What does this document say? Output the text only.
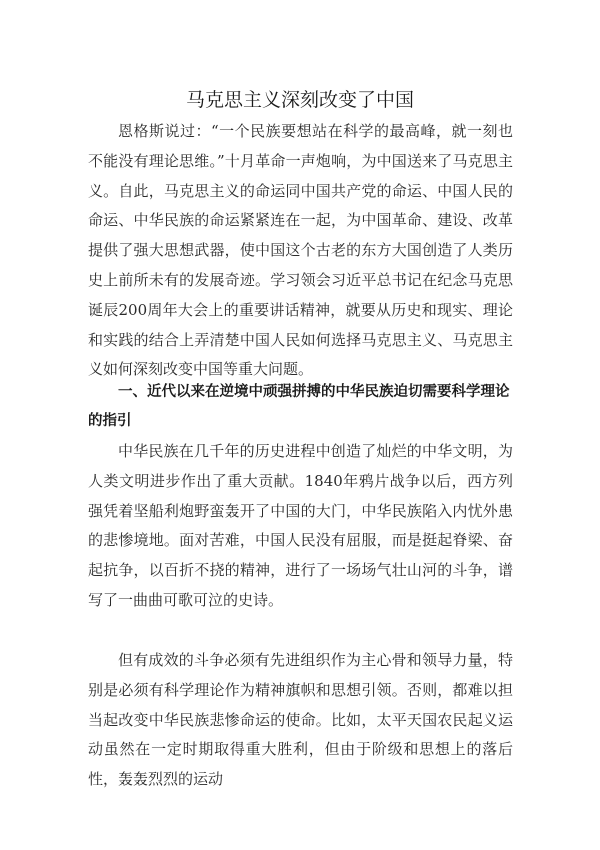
马克思主义深刻改变了中国

恩格斯说过：“一个民族要想站在科学的最高峰，就一刻也不能没有理论思维。”十月革命一声炮响，为中国送来了马克思主义。自此，马克思主义的命运同中国共产党的命运、中国人民的命运、中华民族的命运紧紧连在一起，为中国革命、建设、改革提供了强大思想武器，使中国这个古老的东方大国创造了人类历史上前所未有的发展奇迹。学习领会习近平总书记在纪念马克思诞辰200周年大会上的重要讲话精神，就要从历史和现实、理论和实践的结合上弄清楚中国人民如何选择马克思主义、马克思主义如何深刻改变中国等重大问题。

一、近代以来在逆境中顽强拼搏的中华民族迫切需要科学理论的指引

中华民族在几千年的历史进程中创造了灿烂的中华文明，为人类文明进步作出了重大贡献。1840年鸦片战争以后，西方列强凭着坚船利炮野蛮轰开了中国的大门，中华民族陷入内忧外患的悲惨境地。面对苦难，中国人民没有屈服，而是挺起脊梁、奋起抗争，以百折不挠的精神，进行了一场场气壮山河的斗争，谱写了一曲曲可歌可泣的史诗。

但有成效的斗争必须有先进组织作为主心骨和领导力量，特别是必须有科学理论作为精神旗帜和思想引领。否则，都难以担当起改变中华民族悲惨命运的使命。比如，太平天国农民起义运动虽然在一定时期取得重大胜利，但由于阶级和思想上的落后性，轰轰烈烈的运动
